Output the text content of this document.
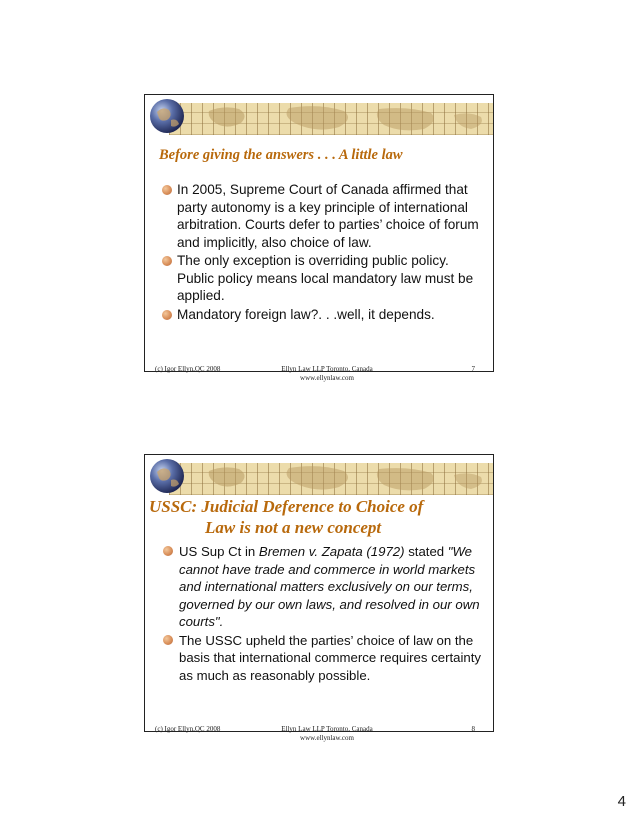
Before giving the answers . . . A little law
In 2005, Supreme Court of Canada affirmed that party autonomy is a key principle of international arbitration. Courts defer to parties’ choice of forum and implicitly, also choice of law.
The only exception is overriding public policy. Public policy means local mandatory law must be applied.
Mandatory foreign law?. . .well, it depends.
(c) Igor Ellyn,QC 2008	Ellyn Law LLP Toronto, Canada
www.ellynlaw.com
7
USSC: Judicial Deference to Choice of
Law is not a new concept
US Sup Ct in Bremen v. Zapata (1972) stated "We cannot have trade and commerce in world markets and international matters exclusively on our terms, governed by our own laws, and resolved in our own courts".
The USSC upheld the parties’ choice of law on the basis that international commerce requires certainty as much as reasonably possible.
(c) Igor Ellyn,QC 2008	Ellyn Law LLP Toronto, Canada
www.ellynlaw.com
8
4
